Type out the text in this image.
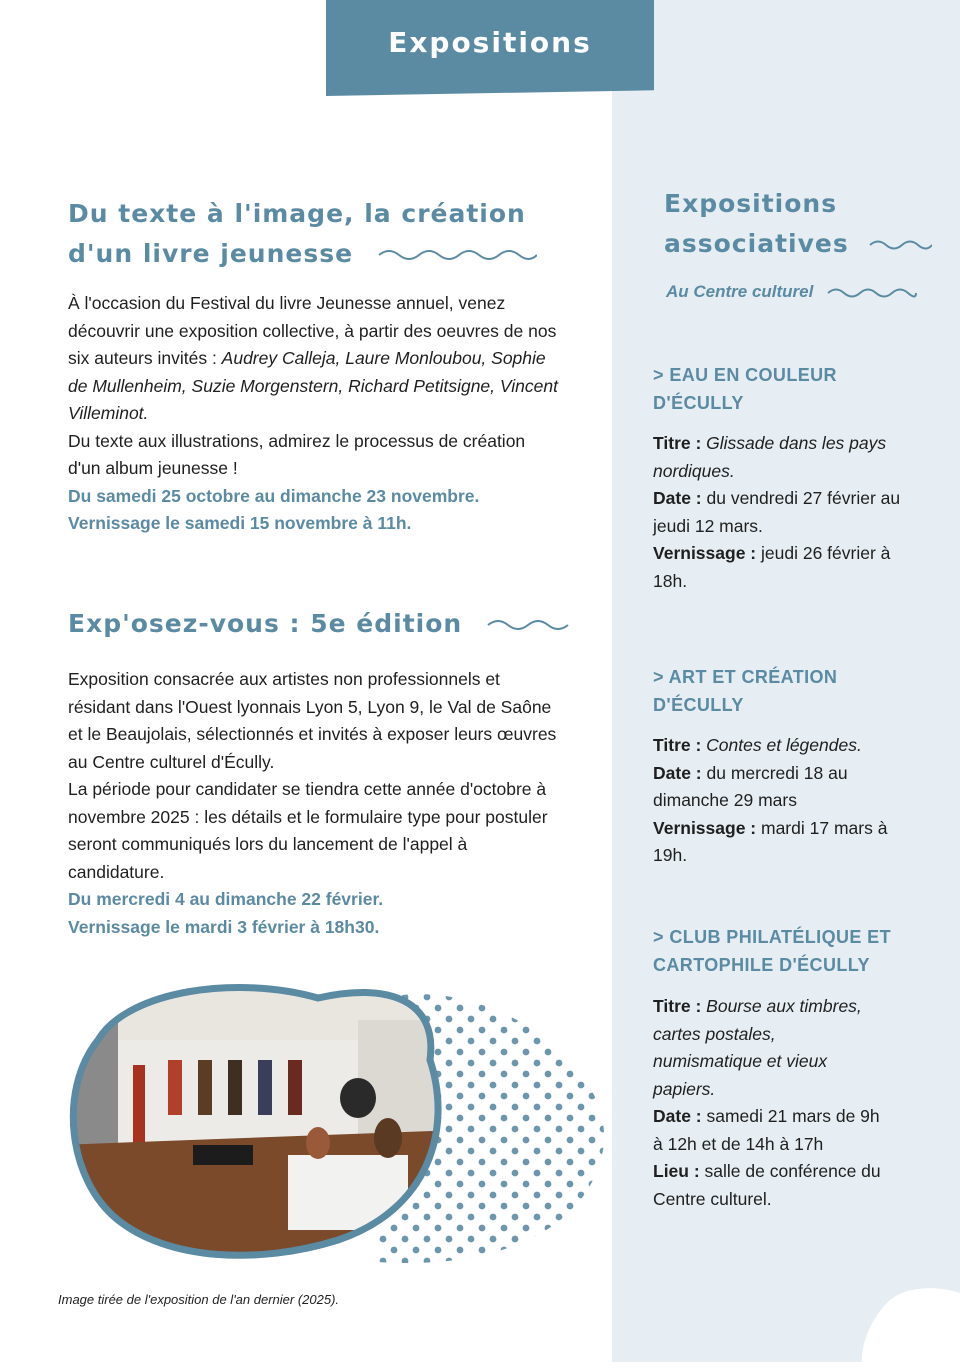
Expositions
Du texte à l'image, la création d'un livre jeunesse
À l'occasion du Festival du livre Jeunesse annuel, venez découvrir une exposition collective, à partir des oeuvres de nos six auteurs invités : Audrey Calleja, Laure Monloubou, Sophie de Mullenheim, Suzie Morgenstern, Richard Petitsigne, Vincent Villeminot.
Du texte aux illustrations, admirez le processus de création d'un album jeunesse !
Du samedi 25 octobre au dimanche 23 novembre.
Vernissage le samedi 15 novembre à 11h.
Exp'osez-vous : 5e édition
Exposition consacrée aux artistes non professionnels et résidant dans l'Ouest lyonnais Lyon 5, Lyon 9, le Val de Saône et le Beaujolais, sélectionnés et invités à exposer leurs œuvres au Centre culturel d'Écully.
La période pour candidater se tiendra cette année d'octobre à novembre 2025 : les détails et le formulaire type pour postuler seront communiqués lors du lancement de l'appel à candidature.
Du mercredi 4 au dimanche 22 février.
Vernissage le mardi 3 février à 18h30.
Image tirée de l'exposition de l'an dernier (2025).
Expositions
associatives
Au Centre culturel
> EAU EN COULEUR D'ÉCULLY
Titre : Glissade dans les pays nordiques.
Date : du vendredi 27 février au jeudi 12 mars.
Vernissage : jeudi 26 février à 18h.
> ART ET CRÉATION D'ÉCULLY
Titre : Contes et légendes.
Date : du mercredi 18 au dimanche 29 mars
Vernissage : mardi 17 mars à 19h.
> CLUB PHILATÉLIQUE ET CARTOPHILE D'ÉCULLY
Titre : Bourse aux timbres, cartes postales, numismatique et vieux papiers.
Date : samedi 21 mars de 9h à 12h et de 14h à 17h
Lieu : salle de conférence du Centre culturel.
